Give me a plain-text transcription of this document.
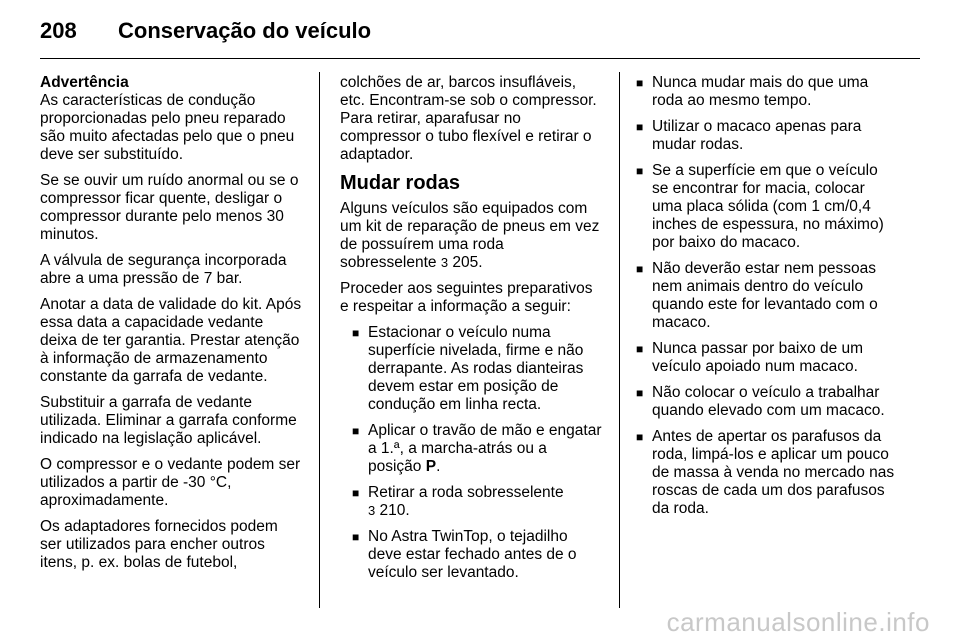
208	Conservação do veículo

Advertência
As características de condução proporcionadas pelo pneu reparado são muito afectadas pelo que o pneu deve ser substituído.

Se se ouvir um ruído anormal ou se o compressor ficar quente, desligar o compressor durante pelo menos 30 minutos.

A válvula de segurança incorporada abre a uma pressão de 7 bar.

Anotar a data de validade do kit. Após essa data a capacidade vedante deixa de ter garantia. Prestar atenção à informação de armazenamento constante da garrafa de vedante.

Substituir a garrafa de vedante utilizada. Eliminar a garrafa conforme indicado na legislação aplicável.

O compressor e o vedante podem ser utilizados a partir de -30 °C, aproximadamente.

Os adaptadores fornecidos podem ser utilizados para encher outros itens, p. ex. bolas de futebol,

colchões de ar, barcos insufláveis, etc. Encontram-se sob o compressor. Para retirar, aparafusar no compressor o tubo flexível e retirar o adaptador.

Mudar rodas

Alguns veículos são equipados com um kit de reparação de pneus em vez de possuírem uma roda sobresselente 3 205.

Proceder aos seguintes preparativos e respeitar a informação a seguir:

■ Estacionar o veículo numa superfície nivelada, firme e não derrapante. As rodas dianteiras devem estar em posição de condução em linha recta.
■ Aplicar o travão de mão e engatar a 1.ª, a marcha-atrás ou a posição P.
■ Retirar a roda sobresselente
3 210.
■ No Astra TwinTop, o tejadilho deve estar fechado antes de o veículo ser levantado.
■ Nunca mudar mais do que uma roda ao mesmo tempo.
■ Utilizar o macaco apenas para mudar rodas.
■ Se a superfície em que o veículo se encontrar for macia, colocar uma placa sólida (com 1 cm/0,4 inches de espessura, no máximo) por baixo do macaco.
■ Não deverão estar nem pessoas nem animais dentro do veículo quando este for levantado com o macaco.
■ Nunca passar por baixo de um veículo apoiado num macaco.
■ Não colocar o veículo a trabalhar quando elevado com um macaco.
■ Antes de apertar os parafusos da roda, limpá-los e aplicar um pouco de massa à venda no mercado nas roscas de cada um dos parafusos da roda.
carmanualsonline.info
